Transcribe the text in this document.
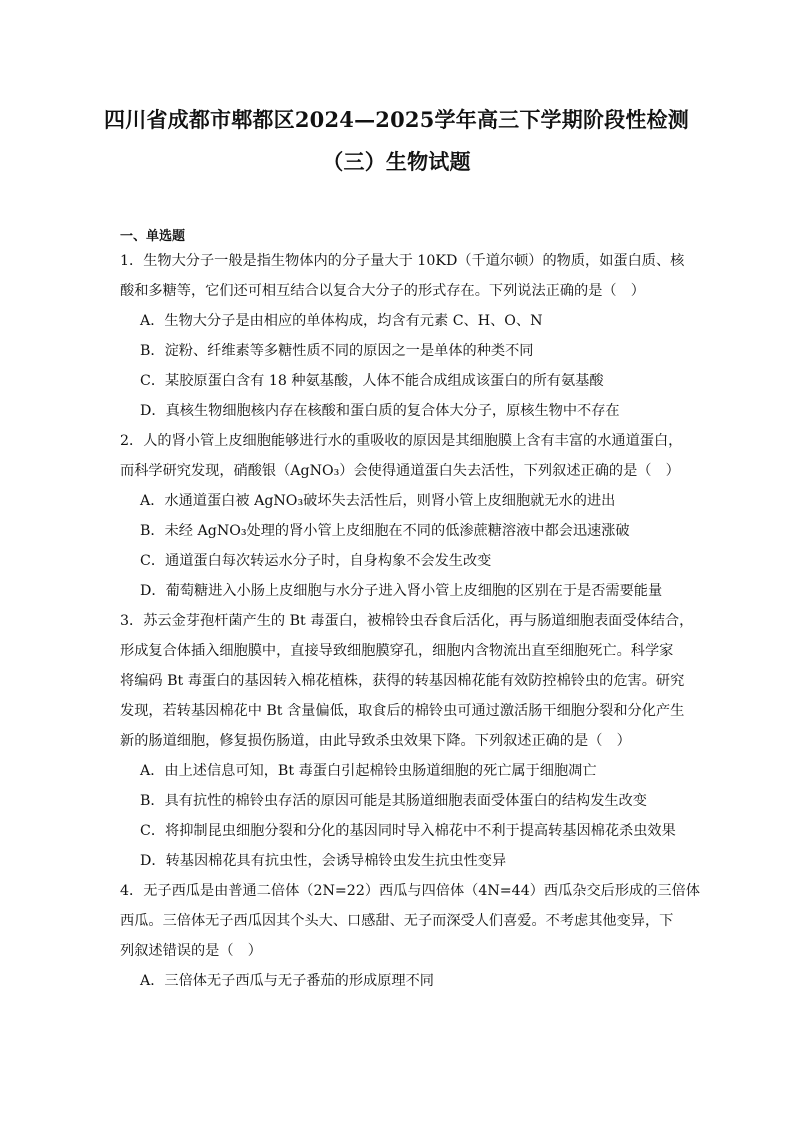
四川省成都市郫都区2024—2025学年高三下学期阶段性检测
（三）生物试题
一、单选题
1．生物大分子一般是指生物体内的分子量大于 10KD（千道尔顿）的物质，如蛋白质、核
酸和多糖等，它们还可相互结合以复合大分子的形式存在。下列说法正确的是（　）
A．生物大分子是由相应的单体构成，均含有元素 C、H、O、N
B．淀粉、纤维素等多糖性质不同的原因之一是单体的种类不同
C．某胶原蛋白含有 18 种氨基酸，人体不能合成组成该蛋白的所有氨基酸
D．真核生物细胞核内存在核酸和蛋白质的复合体大分子，原核生物中不存在
2．人的肾小管上皮细胞能够进行水的重吸收的原因是其细胞膜上含有丰富的水通道蛋白，
而科学研究发现，硝酸银（AgNO₃）会使得通道蛋白失去活性，下列叙述正确的是（　）
A．水通道蛋白被 AgNO₃破坏失去活性后，则肾小管上皮细胞就无水的进出
B．未经 AgNO₃处理的肾小管上皮细胞在不同的低渗蔗糖溶液中都会迅速涨破
C．通道蛋白每次转运水分子时，自身构象不会发生改变
D．葡萄糖进入小肠上皮细胞与水分子进入肾小管上皮细胞的区别在于是否需要能量
3．苏云金芽孢杆菌产生的 Bt 毒蛋白，被棉铃虫吞食后活化，再与肠道细胞表面受体结合，
形成复合体插入细胞膜中，直接导致细胞膜穿孔，细胞内含物流出直至细胞死亡。科学家
将编码 Bt 毒蛋白的基因转入棉花植株，获得的转基因棉花能有效防控棉铃虫的危害。研究
发现，若转基因棉花中 Bt 含量偏低，取食后的棉铃虫可通过激活肠干细胞分裂和分化产生
新的肠道细胞，修复损伤肠道，由此导致杀虫效果下降。下列叙述正确的是（　）
A．由上述信息可知，Bt 毒蛋白引起棉铃虫肠道细胞的死亡属于细胞凋亡
B．具有抗性的棉铃虫存活的原因可能是其肠道细胞表面受体蛋白的结构发生改变
C．将抑制昆虫细胞分裂和分化的基因同时导入棉花中不利于提高转基因棉花杀虫效果
D．转基因棉花具有抗虫性，会诱导棉铃虫发生抗虫性变异
4．无子西瓜是由普通二倍体（2N=22）西瓜与四倍体（4N=44）西瓜杂交后形成的三倍体
西瓜。三倍体无子西瓜因其个头大、口感甜、无子而深受人们喜爱。不考虑其他变异，下
列叙述错误的是（　）
A．三倍体无子西瓜与无子番茄的形成原理不同
